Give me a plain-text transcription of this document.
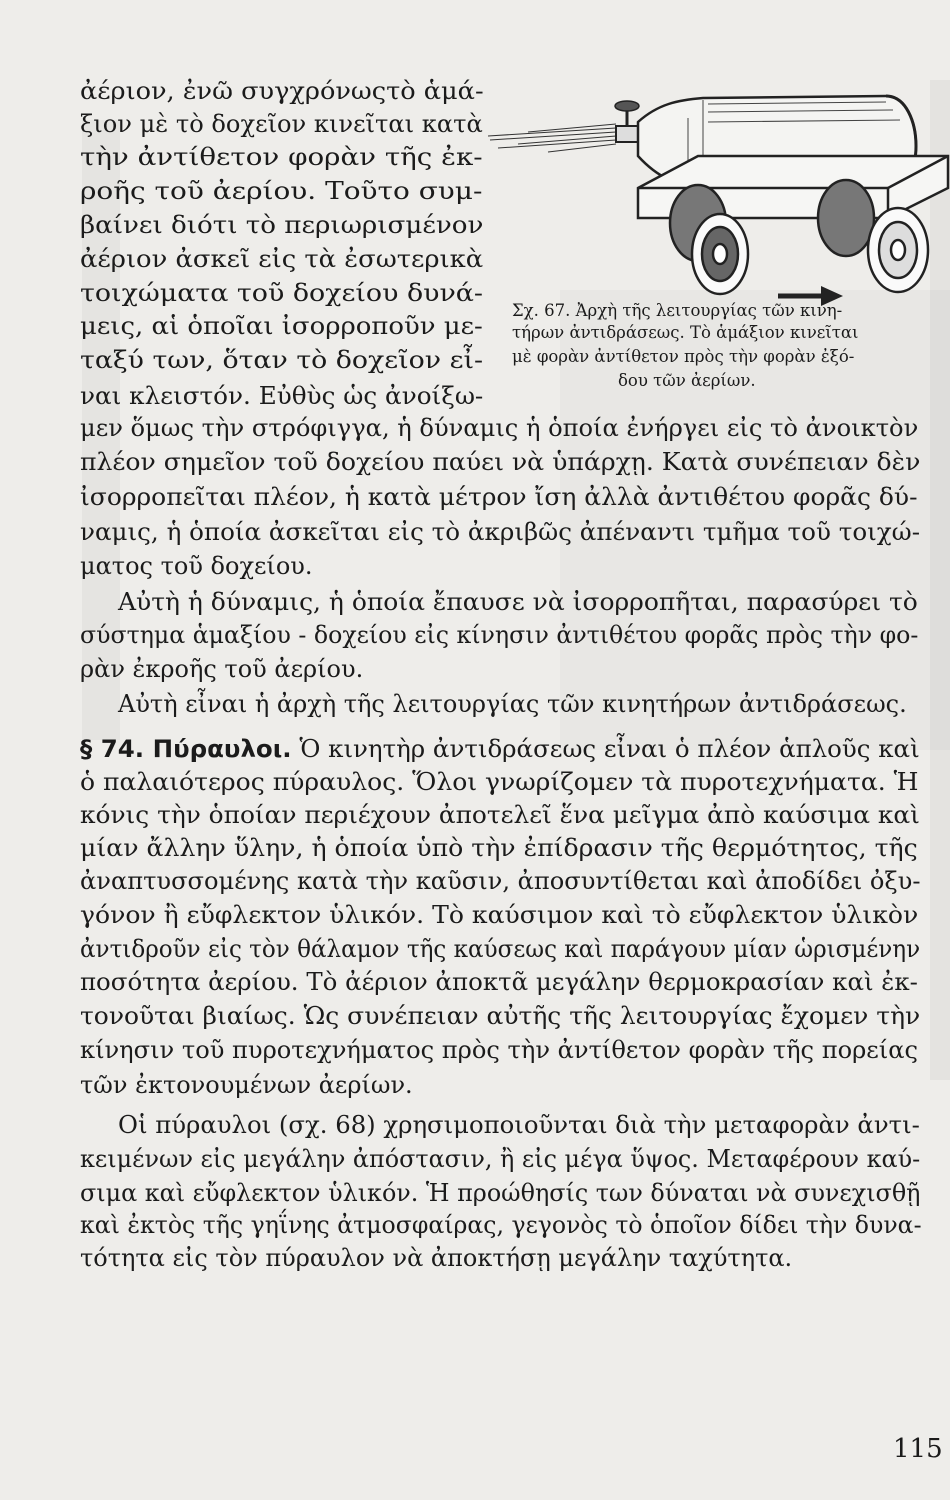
Σχ. 67. Ἀρχὴ τῆς λειτουργίας τῶν κινη-
τήρων ἀντιδράσεως. Τὸ ἁμάξιον κινεῖται
μὲ φορὰν ἀντίθετον πρὸς τὴν φορὰν ἐξό-
δου τῶν ἀερίων.
ἀέριον, ἐνῶ συγχρόνωςτὸ ἁμά-
ξιον μὲ τὸ δοχεῖον κινεῖται κατὰ
τὴν ἀντίθετον φορὰν τῆς ἐκ-
ροῆς τοῦ ἀερίου. Τοῦτο συμ-
βαίνει διότι τὸ περιωρισμένον
ἀέριον ἀσκεῖ εἰς τὰ ἐσωτερικὰ
τοιχώματα τοῦ δοχείου δυνά-
μεις, αἱ ὁποῖαι ἰσορροποῦν με-
ταξύ των, ὅταν τὸ δοχεῖον εἶ-
ναι κλειστόν. Εὐθὺς ὡς ἀνοίξω-
μεν ὅμως τὴν στρόφιγγα, ἡ δύναμις ἡ ὁποία ἐνήργει εἰς τὸ ἀνοικτὸν
πλέον σημεῖον τοῦ δοχείου παύει νὰ ὑπάρχῃ. Κατὰ συνέπειαν δὲν
ἰσορροπεῖται πλέον, ἡ κατὰ μέτρον ἴση ἀλλὰ ἀντιθέτου φορᾶς δύ-
ναμις, ἡ ὁποία ἀσκεῖται εἰς τὸ ἀκριβῶς ἀπέναντι τμῆμα τοῦ τοιχώ-
ματος τοῦ δοχείου.
Αὐτὴ ἡ δύναμις, ἡ ὁποία ἔπαυσε νὰ ἰσορροπῆται, παρασύρει τὸ
σύστημα ἁμαξίου - δοχείου εἰς κίνησιν ἀντιθέτου φορᾶς πρὸς τὴν φο-
ρὰν ἐκροῆς τοῦ ἀερίου.
Αὐτὴ εἶναι ἡ ἀρχὴ τῆς λειτουργίας τῶν κινητήρων ἀντιδράσεως.
§ 74. Πύραυλοι. Ὁ κινητὴρ ἀντιδράσεως εἶναι ὁ πλέον ἁπλοῦς καὶ
ὁ παλαιότερος πύραυλος. Ὅλοι γνωρίζομεν τὰ πυροτεχνήματα. Ἡ
κόνις τὴν ὁποίαν περιέχουν ἀποτελεῖ ἕνα μεῖγμα ἀπὸ καύσιμα καὶ
μίαν ἄλλην ὕλην, ἡ ὁποία ὑπὸ τὴν ἐπίδρασιν τῆς θερμότητος, τῆς
ἀναπτυσσομένης κατὰ τὴν καῦσιν, ἀποσυντίθεται καὶ ἀποδίδει ὀξυ-
γόνον ἢ εὔφλεκτον ὑλικόν. Τὸ καύσιμον καὶ τὸ εὔφλεκτον ὑλικὸν
ἀντιδροῦν εἰς τὸν θάλαμον τῆς καύσεως καὶ παράγουν μίαν ὡρισμένην
ποσότητα ἀερίου. Τὸ ἀέριον ἀποκτᾶ μεγάλην θερμοκρασίαν καὶ ἐκ-
τονοῦται βιαίως. Ὡς συνέπειαν αὐτῆς τῆς λειτουργίας ἔχομεν τὴν
κίνησιν τοῦ πυροτεχνήματος πρὸς τὴν ἀντίθετον φορὰν τῆς πορείας
τῶν ἐκτονουμένων ἀερίων.
Οἱ πύραυλοι (σχ. 68) χρησιμοποιοῦνται διὰ τὴν μεταφορὰν ἀντι-
κειμένων εἰς μεγάλην ἀπόστασιν, ἢ εἰς μέγα ὕψος. Μεταφέρουν καύ-
σιμα καὶ εὔφλεκτον ὑλικόν. Ἡ προώθησίς των δύναται νὰ συνεχισθῇ
καὶ ἐκτὸς τῆς γηΐνης ἀτμοσφαίρας, γεγονὸς τὸ ὁποῖον δίδει τὴν δυνα-
τότητα εἰς τὸν πύραυλον νὰ ἀποκτήσῃ μεγάλην ταχύτητα.
115
